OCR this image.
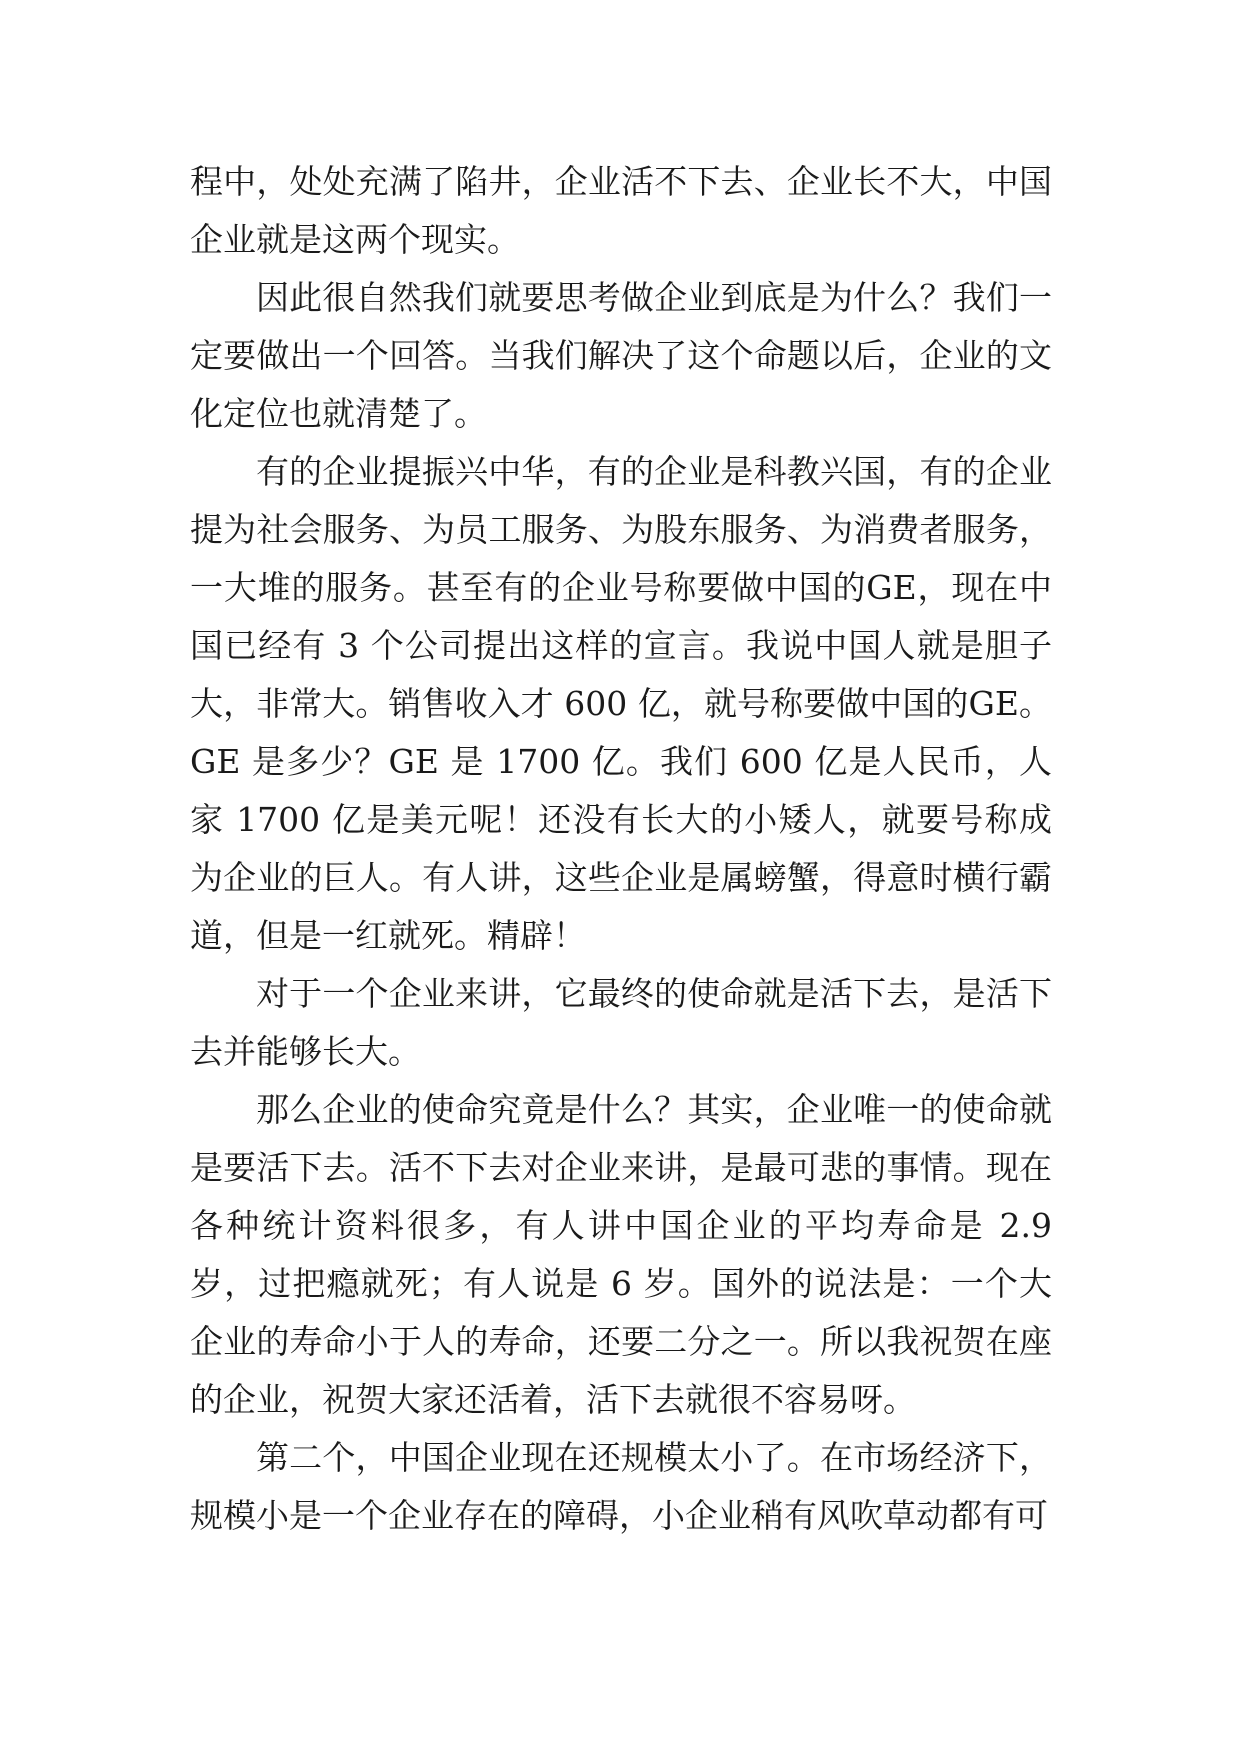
程中，处处充满了陷井，企业活不下去、企业长不大，中国企业就是这两个现实。

因此很自然我们就要思考做企业到底是为什么？我们一定要做出一个回答。当我们解决了这个命题以后，企业的文化定位也就清楚了。

有的企业提振兴中华，有的企业是科教兴国，有的企业提为社会服务、为员工服务、为股东服务、为消费者服务，一大堆的服务。甚至有的企业号称要做中国的GE，现在中国已经有 3 个公司提出这样的宣言。我说中国人就是胆子大，非常大。销售收入才 600 亿，就号称要做中国的GE。GE 是多少？GE 是 1700 亿。我们 600 亿是人民币，人家 1700 亿是美元呢！还没有长大的小矮人，就要号称成为企业的巨人。有人讲，这些企业是属螃蟹，得意时横行霸道，但是一红就死。精辟！

对于一个企业来讲，它最终的使命就是活下去，是活下去并能够长大。

那么企业的使命究竟是什么？其实，企业唯一的使命就是要活下去。活不下去对企业来讲，是最可悲的事情。现在各种统计资料很多，有人讲中国企业的平均寿命是 2.9 岁，过把瘾就死；有人说是 6 岁。国外的说法是：一个大企业的寿命小于人的寿命，还要二分之一。所以我祝贺在座的企业，祝贺大家还活着，活下去就很不容易呀。

第二个，中国企业现在还规模太小了。在市场经济下，规模小是一个企业存在的障碍，小企业稍有风吹草动都有可
